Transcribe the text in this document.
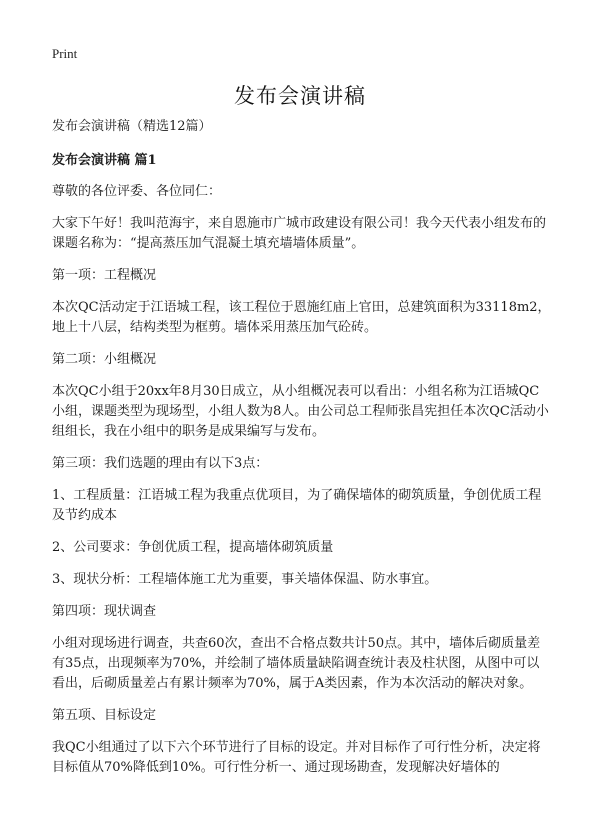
Print
发布会演讲稿

发布会演讲稿（精选12篇）

发布会演讲稿 篇1

尊敬的各位评委、各位同仁：

大家下午好！我叫范海宇，来自恩施市广城市政建设有限公司！我今天代表小组发布的课题名称为：“提高蒸压加气混凝土填充墙墙体质量”。

第一项：工程概况

本次QC活动定于江语城工程，该工程位于恩施红庙上官田，总建筑面积为33118m2，地上十八层，结构类型为框剪。墙体采用蒸压加气砼砖。

第二项：小组概况

本次QC小组于20xx年8月30日成立，从小组概况表可以看出：小组名称为江语城QC小组，课题类型为现场型，小组人数为8人。由公司总工程师张昌宪担任本次QC活动小组组长，我在小组中的职务是成果编写与发布。

第三项：我们选题的理由有以下3点：

1、工程质量：江语城工程为我重点优项目，为了确保墙体的砌筑质量，争创优质工程及节约成本

2、公司要求：争创优质工程，提高墙体砌筑质量

3、现状分析：工程墙体施工尤为重要，事关墙体保温、防水事宜。

第四项：现状调查

小组对现场进行调查，共查60次，查出不合格点数共计50点。其中，墙体后砌质量差有35点，出现频率为70%，并绘制了墙体质量缺陷调查统计表及柱状图，从图中可以看出，后砌质量差占有累计频率为70%，属于A类因素，作为本次活动的解决对象。

第五项、目标设定

我QC小组通过了以下六个环节进行了目标的设定。并对目标作了可行性分析，决定将目标值从70%降低到10%。可行性分析一、通过现场勘查，发现解决好墙体的
